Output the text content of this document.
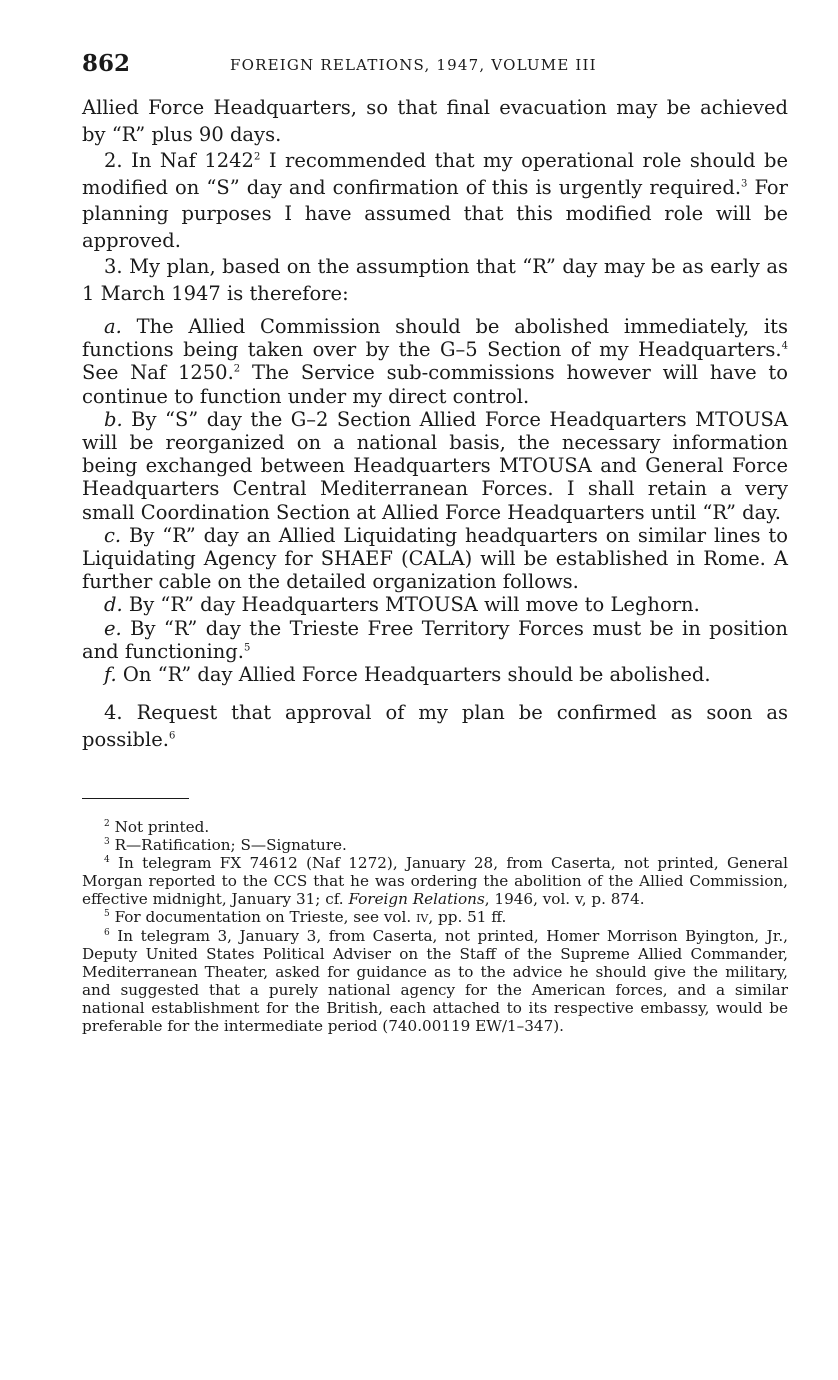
862	FOREIGN RELATIONS, 1947, VOLUME III

Allied Force Headquarters, so that final evacuation may be achieved by “R” plus 90 days.

2. In Naf 1242$^2$ I recommended that my operational role should be modified on “S” day and confirmation of this is urgently required.$^3$ For planning purposes I have assumed that this modified role will be approved.

3. My plan, based on the assumption that “R” day may be as early as 1 March 1947 is therefore:

a. The Allied Commission should be abolished immediately, its functions being taken over by the G–5 Section of my Headquarters.$^4$ See Naf 1250.$^2$ The Service sub-commissions however will have to continue to function under my direct control.

b. By “S” day the G–2 Section Allied Force Headquarters MTOUSA will be reorganized on a national basis, the necessary information being exchanged between Headquarters MTOUSA and General Force Headquarters Central Mediterranean Forces. I shall retain a very small Coordination Section at Allied Force Headquarters until “R” day.

c. By “R” day an Allied Liquidating headquarters on similar lines to Liquidating Agency for SHAEF (CALA) will be established in Rome. A further cable on the detailed organization follows.

d. By “R” day Headquarters MTOUSA will move to Leghorn.

e. By “R” day the Trieste Free Territory Forces must be in position and functioning.$^5$

f. On “R” day Allied Force Headquarters should be abolished.

4. Request that approval of my plan be confirmed as soon as possible.$^6$

$^2$ Not printed.

$^3$ R—Ratification; S—Signature.

$^4$ In telegram FX 74612 (Naf 1272), January 28, from Caserta, not printed, General Morgan reported to the CCS that he was ordering the abolition of the Allied Commission, effective midnight, January 31; cf. Foreign Relations, 1946, vol. v, p. 874.

$^5$ For documentation on Trieste, see vol. iv, pp. 51 ff.

$^6$ In telegram 3, January 3, from Caserta, not printed, Homer Morrison Byington, Jr., Deputy United States Political Adviser on the Staff of the Supreme Allied Commander, Mediterranean Theater, asked for guidance as to the advice he should give the military, and suggested that a purely national agency for the American forces, and a similar national establishment for the British, each attached to its respective embassy, would be preferable for the intermediate period (740.00119 EW/1–347).
